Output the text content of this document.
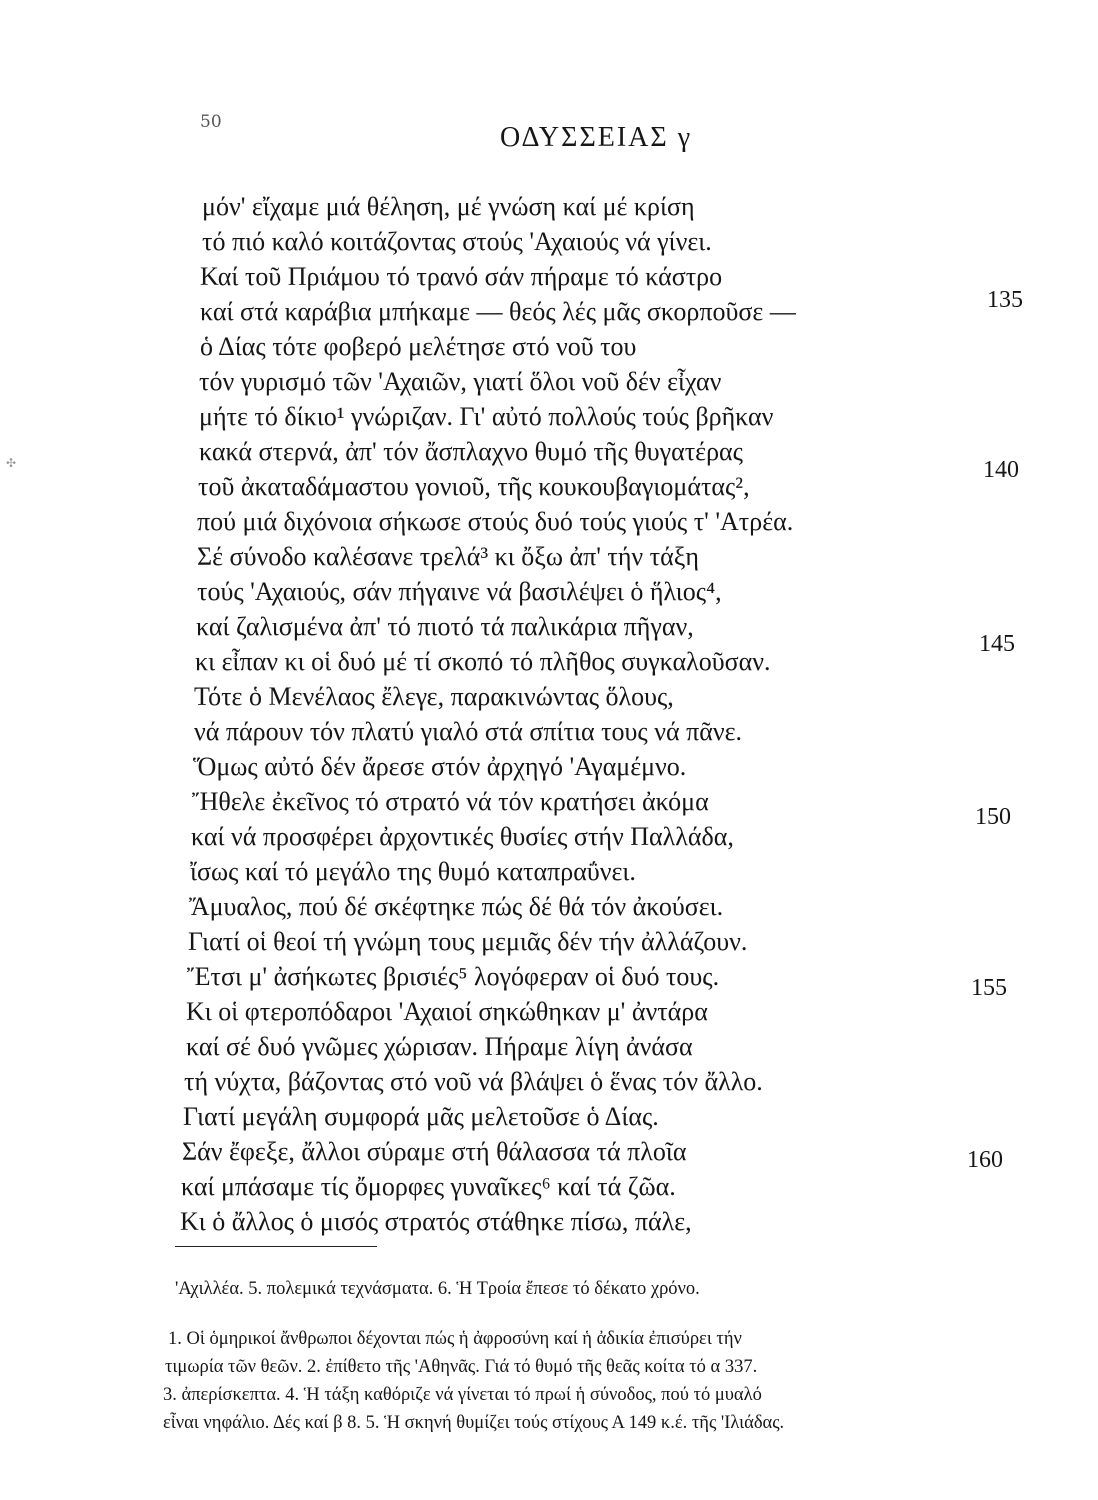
50	ΟΔΥΣΣΕΙΑΣ γ
✣
μόν' εἴχαμε μιά θέληση, μέ γνώση καί μέ κρίση
τό πιό καλό κοιτάζοντας στούς 'Αχαιούς νά γίνει.
Καί τοῦ Πριάμου τό τρανό σάν πήραμε τό κάστρο
καί στά καράβια μπήκαμε — θεός λές μᾶς σκορποῦσε —
ὁ Δίας τότε φοβερό μελέτησε στό νοῦ του
τόν γυρισμό τῶν 'Αχαιῶν, γιατί ὅλοι νοῦ δέν εἶχαν
μήτε τό δίκιο¹ γνώριζαν. Γι' αὐτό πολλούς τούς βρῆκαν
κακά στερνά, ἀπ' τόν ἄσπλαχνο θυμό τῆς θυγατέρας
τοῦ ἀκαταδάμαστου γονιοῦ, τῆς κουκουβαγιομάτας²,
πού μιά διχόνοια σήκωσε στούς δυό τούς γιούς τ' 'Ατρέα.
Σέ σύνοδο καλέσανε τρελά³ κι ὄξω ἀπ' τήν τάξη
τούς 'Αχαιούς, σάν πήγαινε νά βασιλέψει ὁ ἥλιος⁴,
καί ζαλισμένα ἀπ' τό πιοτό τά παλικάρια πῆγαν,
κι εἶπαν κι οἱ δυό μέ τί σκοπό τό πλῆθος συγκαλοῦσαν.
Τότε ὁ Μενέλαος ἔλεγε, παρακινώντας ὅλους,
νά πάρουν τόν πλατύ γιαλό στά σπίτια τους νά πᾶνε.
Ὅμως αὐτό δέν ἄρεσε στόν ἀρχηγό 'Αγαμέμνο.
Ἤθελε ἐκεῖνος τό στρατό νά τόν κρατήσει ἀκόμα
καί νά προσφέρει ἀρχοντικές θυσίες στήν Παλλάδα,
ἴσως καί τό μεγάλο της θυμό καταπραΰνει.
Ἄμυαλος, πού δέ σκέφτηκε πώς δέ θά τόν ἀκούσει.
Γιατί οἱ θεοί τή γνώμη τους μεμιᾶς δέν τήν ἀλλάζουν.
Ἔτσι μ' ἀσήκωτες βρισιές⁵ λογόφεραν οἱ δυό τους.
Κι οἱ φτεροπόδαροι 'Αχαιοί σηκώθηκαν μ' ἀντάρα
καί σέ δυό γνῶμες χώρισαν. Πήραμε λίγη ἀνάσα
τή νύχτα, βάζοντας στό νοῦ νά βλάψει ὁ ἕνας τόν ἄλλο.
Γιατί μεγάλη συμφορά μᾶς μελετοῦσε ὁ Δίας.
Σάν ἔφεξε, ἄλλοι σύραμε στή θάλασσα τά πλοῖα
καί μπάσαμε τίς ὄμορφες γυναῖκες⁶ καί τά ζῶα.
Κι ὁ ἄλλος ὁ μισός στρατός στάθηκε πίσω, πάλε,
135
140
145
150
155
160
'Αχιλλέα. 5. πολεμικά τεχνάσματα. 6. Ἡ Τροία ἔπεσε τό δέκατο χρόνο.
1. Οἱ ὁμηρικοί ἄνθρωποι δέχονται πώς ἡ ἀφροσύνη καί ἡ ἀδικία ἐπισύρει τήν
τιμωρία τῶν θεῶν. 2. ἐπίθετο τῆς 'Αθηνᾶς. Γιά τό θυμό τῆς θεᾶς κοίτα τό α 337.
3. ἀπερίσκεπτα. 4. Ἡ τάξη καθόριζε νά γίνεται τό πρωί ἡ σύνοδος, πού τό μυαλό
εἶναι νηφάλιο. Δές καί β 8. 5. Ἡ σκηνή θυμίζει τούς στίχους Α 149 κ.έ. τῆς 'Ιλιάδας.
